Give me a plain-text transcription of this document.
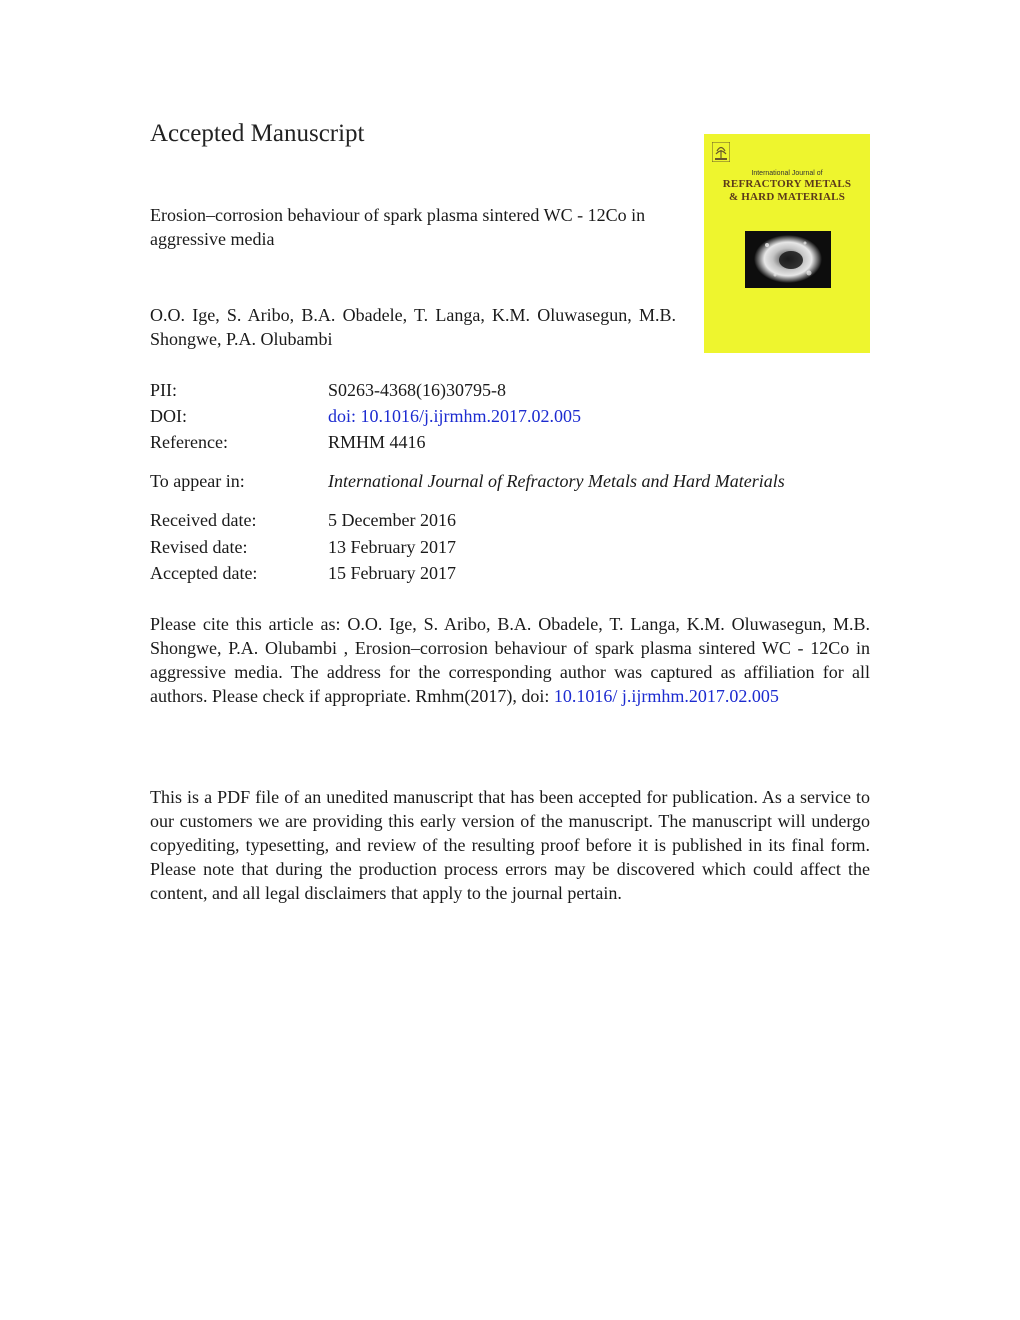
Accepted Manuscript
Erosion–corrosion behaviour of spark plasma sintered WC - 12Co in aggressive media
O.O. Ige, S. Aribo, B.A. Obadele, T. Langa, K.M. Oluwasegun, M.B. Shongwe, P.A. Olubambi
International Journal of
REFRACTORY METALS
& HARD MATERIALS
PII:	S0263-4368(16)30795-8
DOI:	doi: 10.1016/j.ijrmhm.2017.02.005
Reference:	RMHM 4416
To appear in:	International Journal of Refractory Metals and Hard Materials
Received date:	5 December 2016
Revised date:	13 February 2017
Accepted date:	15 February 2017
Please cite this article as: O.O. Ige, S. Aribo, B.A. Obadele, T. Langa, K.M. Oluwasegun, M.B. Shongwe, P.A. Olubambi , Erosion–corrosion behaviour of spark plasma sintered WC - 12Co in aggressive media. The address for the corresponding author was captured as affiliation for all authors. Please check if appropriate. Rmhm(2017), doi: 10.1016/ j.ijrmhm.2017.02.005
This is a PDF file of an unedited manuscript that has been accepted for publication. As a service to our customers we are providing this early version of the manuscript. The manuscript will undergo copyediting, typesetting, and review of the resulting proof before it is published in its final form. Please note that during the production process errors may be discovered which could affect the content, and all legal disclaimers that apply to the journal pertain.
